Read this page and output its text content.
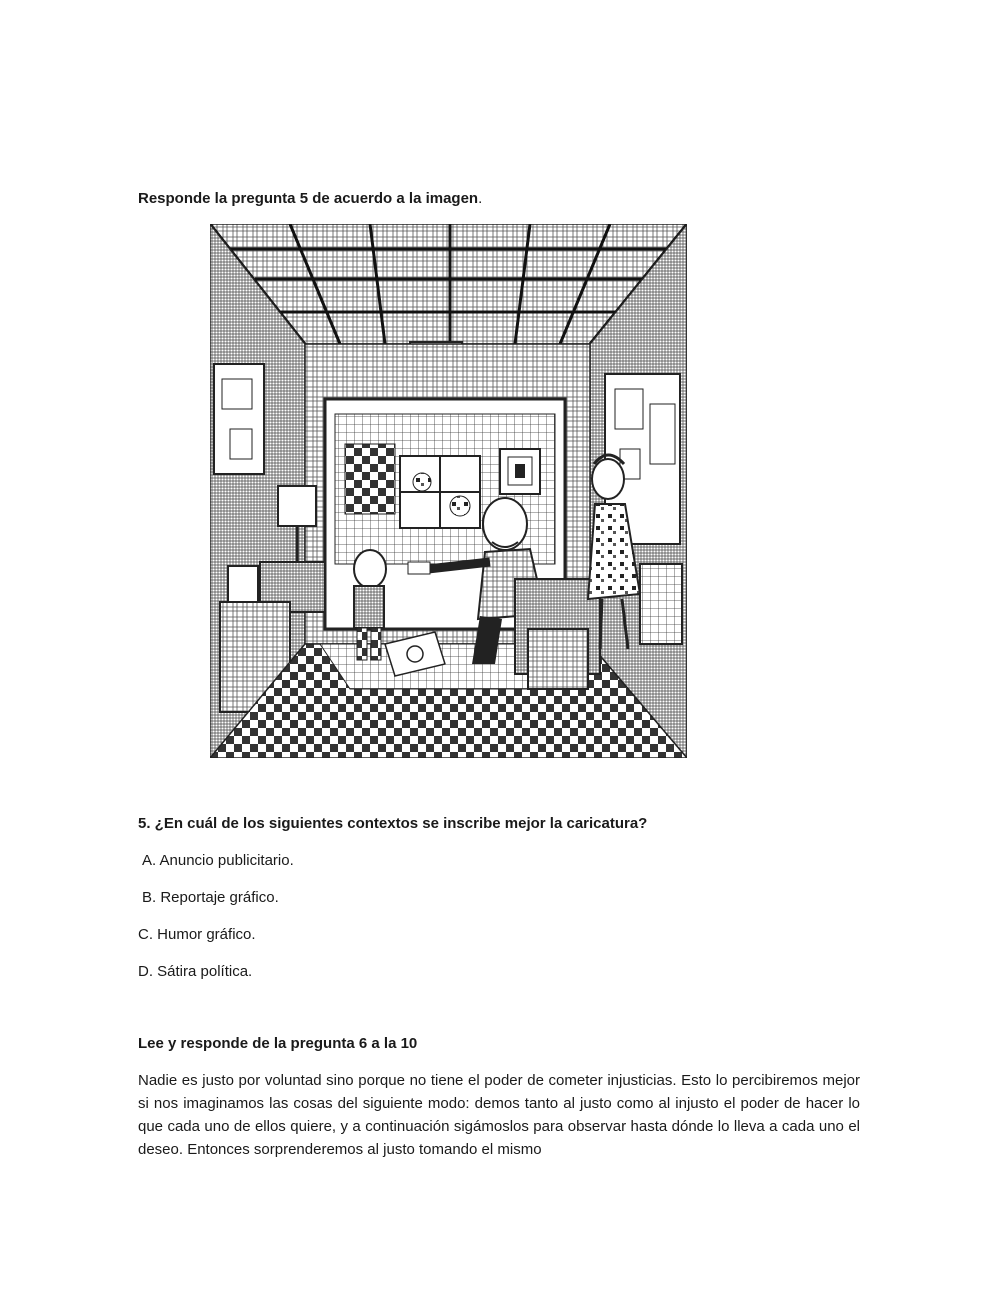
Responde la pregunta 5 de acuerdo a la imagen.
5. ¿En cuál de los siguientes contextos se inscribe mejor la caricatura?
A. Anuncio publicitario.
B. Reportaje gráfico.
C. Humor gráfico.
D. Sátira política.
Lee y responde de la pregunta 6 a la 10
Nadie es justo por voluntad sino porque no tiene el poder de cometer injusticias. Esto lo percibiremos mejor si nos imaginamos las cosas del siguiente modo: demos tanto al justo como al injusto el poder de hacer lo que cada uno de ellos quiere, y a continuación sigámoslos para observar hasta dónde lo lleva a cada uno el deseo. Entonces sorprenderemos al justo tomando el mismo
